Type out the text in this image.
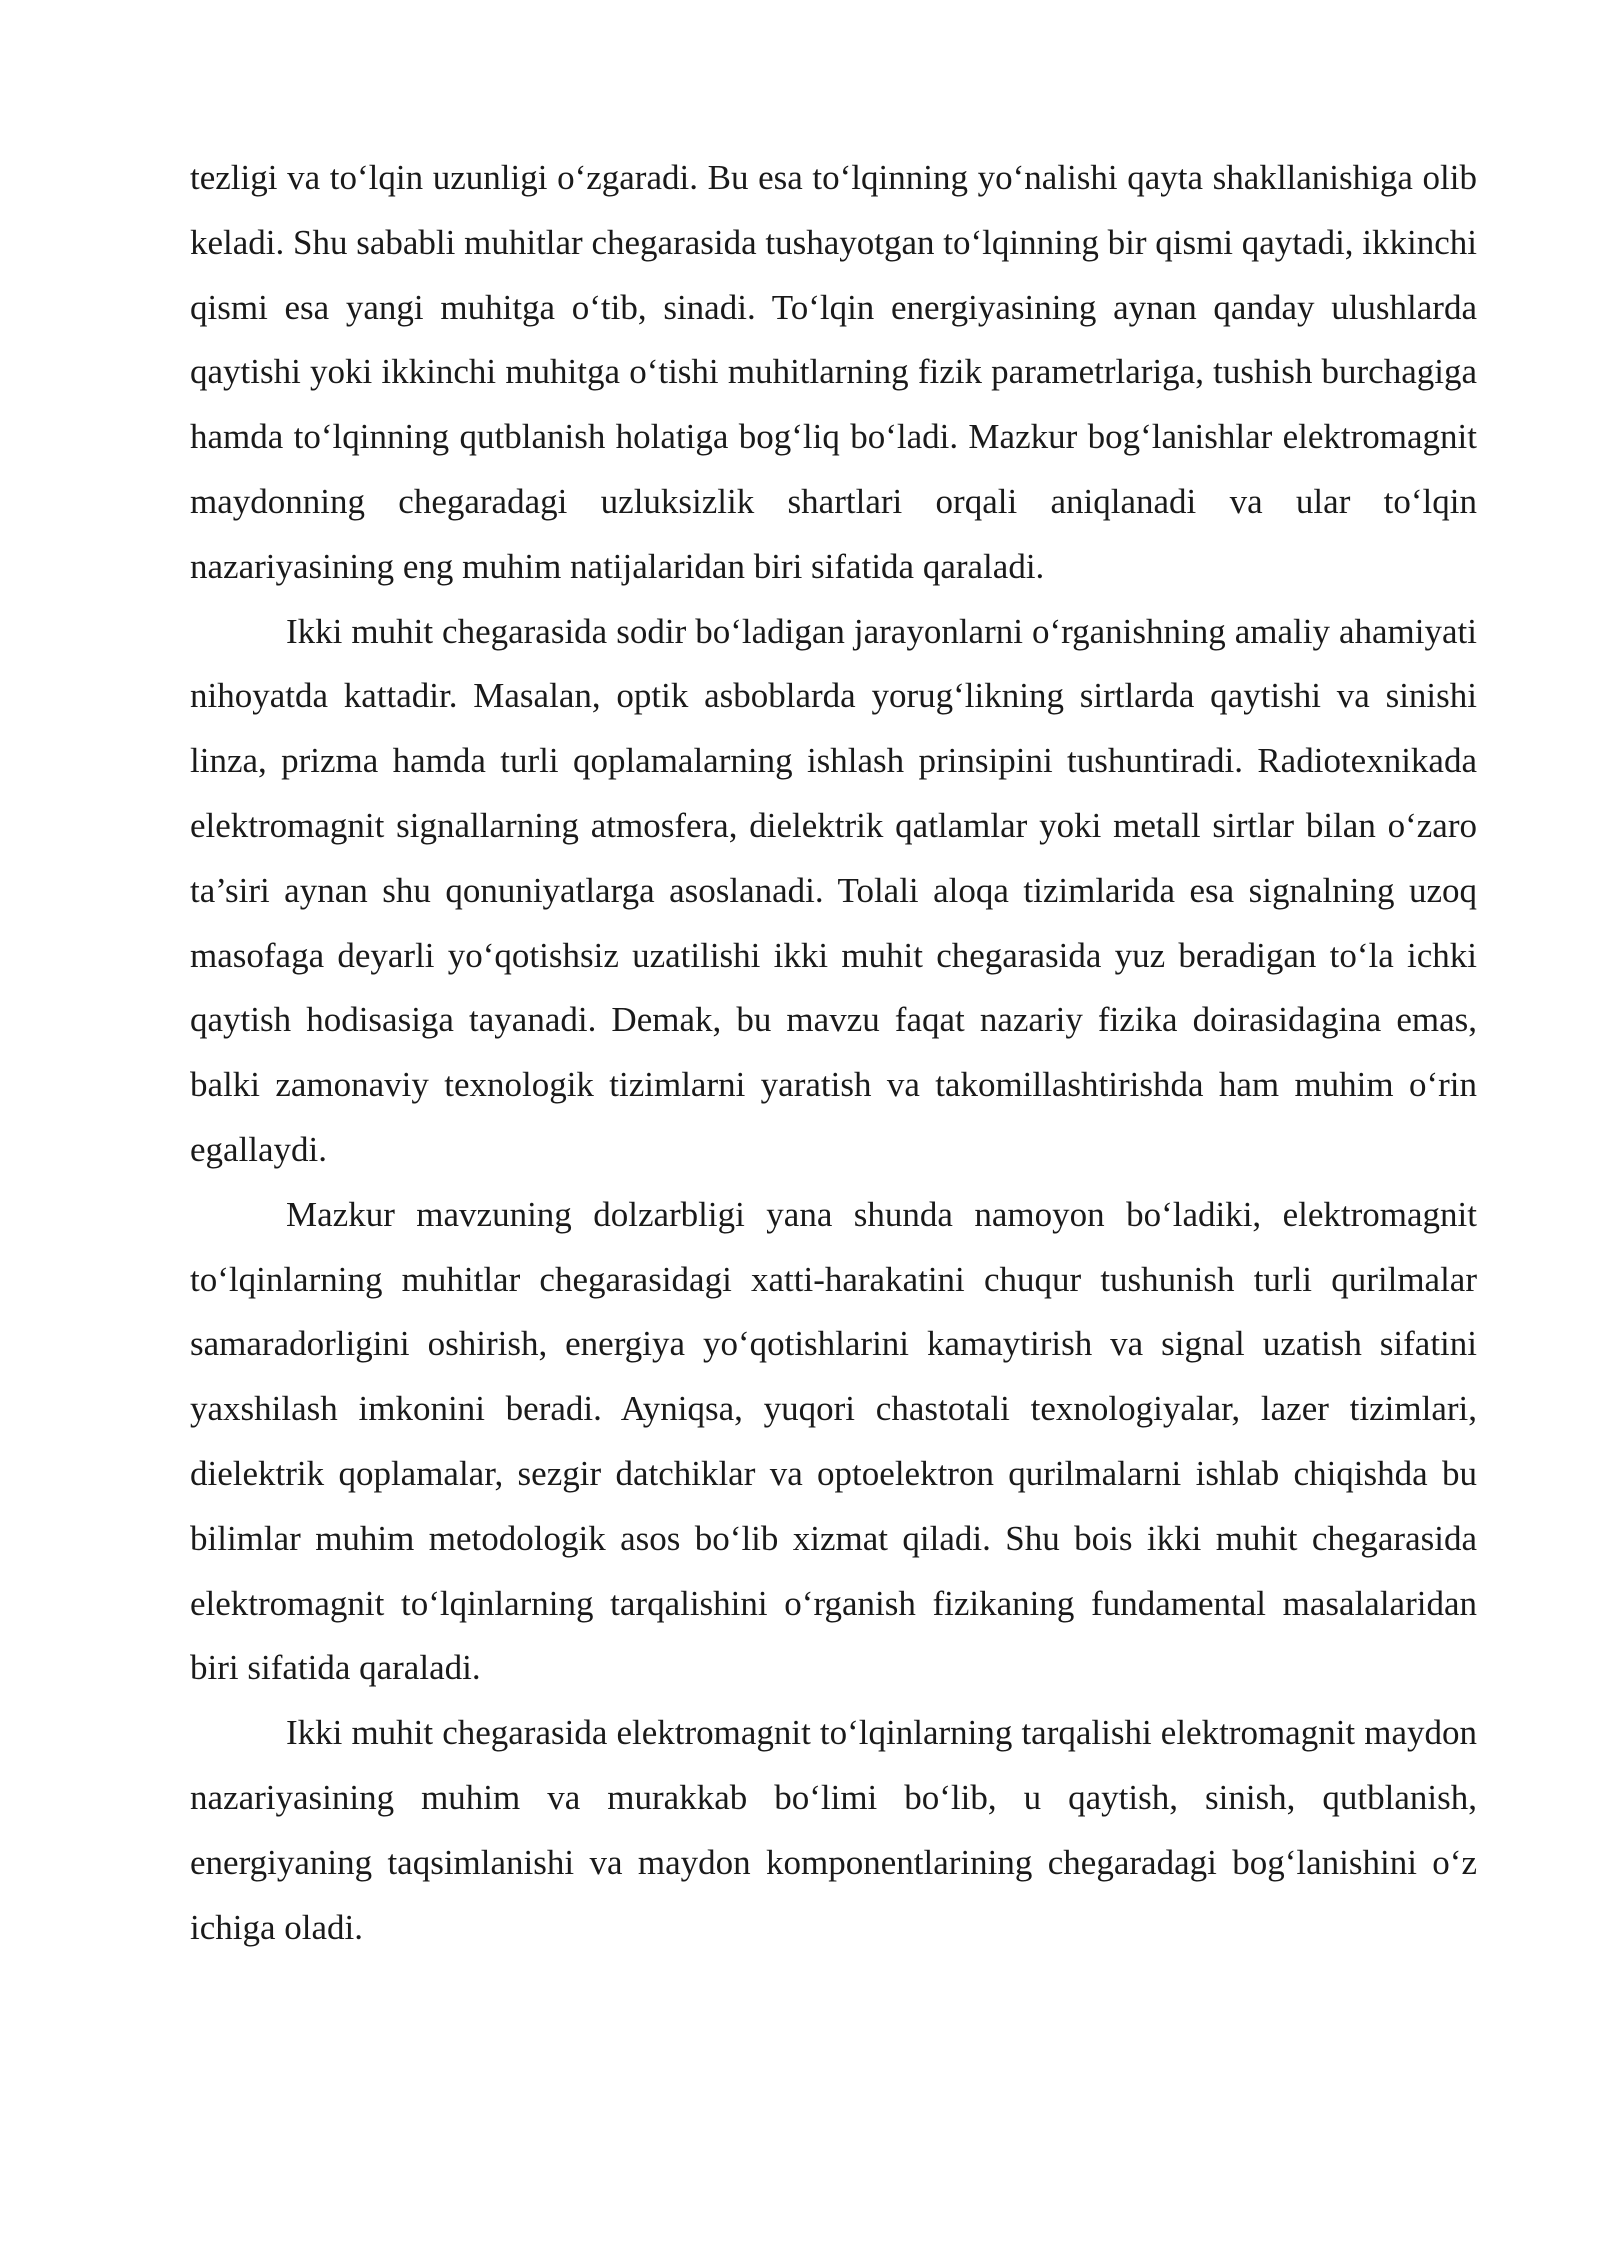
tezligi va to‘lqin uzunligi o‘zgaradi. Bu esa to‘lqinning yo‘nalishi qayta shakllanishiga olib keladi. Shu sababli muhitlar chegarasida tushayotgan to‘lqinning bir qismi qaytadi, ikkinchi qismi esa yangi muhitga o‘tib, sinadi. To‘lqin energiyasining aynan qanday ulushlarda qaytishi yoki ikkinchi muhitga o‘tishi muhitlarning fizik parametrlariga, tushish burchagiga hamda to‘lqinning qutblanish holatiga bog‘liq bo‘ladi. Mazkur bog‘lanishlar elektromagnit maydonning chegaradagi uzluksizlik shartlari orqali aniqlanadi va ular to‘lqin nazariyasining eng muhim natijalaridan biri sifatida qaraladi.

Ikki muhit chegarasida sodir bo‘ladigan jarayonlarni o‘rganishning amaliy ahamiyati nihoyatda kattadir. Masalan, optik asboblarda yorug‘likning sirtlarda qaytishi va sinishi linza, prizma hamda turli qoplamalarning ishlash prinsipini tushuntiradi. Radiotexnikada elektromagnit signallarning atmosfera, dielektrik qatlamlar yoki metall sirtlar bilan o‘zaro ta’siri aynan shu qonuniyatlarga asoslanadi. Tolali aloqa tizimlarida esa signalning uzoq masofaga deyarli yo‘qotishsiz uzatilishi ikki muhit chegarasida yuz beradigan to‘la ichki qaytish hodisasiga tayanadi. Demak, bu mavzu faqat nazariy fizika doirasidagina emas, balki zamonaviy texnologik tizimlarni yaratish va takomillashtirishda ham muhim o‘rin egallaydi.

Mazkur mavzuning dolzarbligi yana shunda namoyon bo‘ladiki, elektromagnit to‘lqinlarning muhitlar chegarasidagi xatti-harakatini chuqur tushunish turli qurilmalar samaradorligini oshirish, energiya yo‘qotishlarini kamaytirish va signal uzatish sifatini yaxshilash imkonini beradi. Ayniqsa, yuqori chastotali texnologiyalar, lazer tizimlari, dielektrik qoplamalar, sezgir datchiklar va optoelektron qurilmalarni ishlab chiqishda bu bilimlar muhim metodologik asos bo‘lib xizmat qiladi. Shu bois ikki muhit chegarasida elektromagnit to‘lqinlarning tarqalishini o‘rganish fizikaning fundamental masalalaridan biri sifatida qaraladi.

Ikki muhit chegarasida elektromagnit to‘lqinlarning tarqalishi elektromagnit maydon nazariyasining muhim va murakkab bo‘limi bo‘lib, u qaytish, sinish, qutblanish, energiyaning taqsimlanishi va maydon komponentlarining chegaradagi bog‘lanishini o‘z ichiga oladi.
